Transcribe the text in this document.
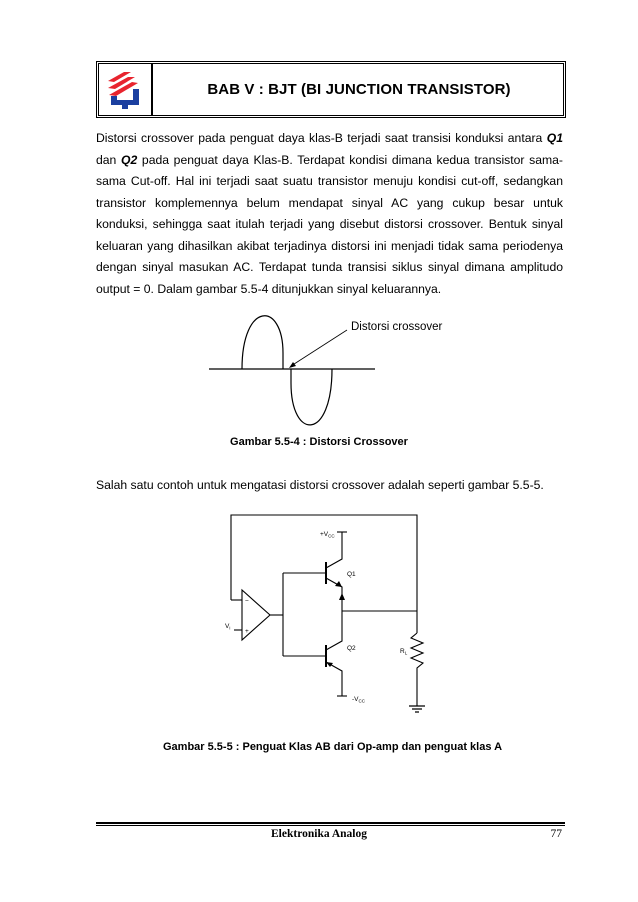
BAB V : BJT (BI JUNCTION TRANSISTOR)

Distorsi crossover pada penguat daya klas-B terjadi saat transisi konduksi antara Q1 dan Q2 pada penguat daya Klas-B. Terdapat kondisi dimana kedua transistor sama-sama Cut-off. Hal ini terjadi saat suatu transistor menuju kondisi cut-off, sedangkan transistor komplemennya belum mendapat sinyal AC yang cukup besar untuk konduksi, sehingga saat itulah terjadi yang disebut distorsi crossover. Bentuk sinyal keluaran yang dihasilkan akibat terjadinya distorsi ini menjadi tidak sama periodenya dengan sinyal masukan AC. Terdapat tunda transisi siklus sinyal dimana amplitudo output = 0. Dalam gambar 5.5-4 ditunjukkan sinyal keluarannya.

Distorsi crossover
Gambar 5.5-4 : Distorsi Crossover
Salah satu contoh untuk mengatasi distorsi crossover adalah seperti gambar 5.5-5.
$+V_{CC}$
Q1
Q2
$-V_{CC}$
$V_i$
$R_L$
−
+
Gambar 5.5-5 : Penguat Klas AB dari Op-amp dan penguat klas A
Elektronika Analog	77
